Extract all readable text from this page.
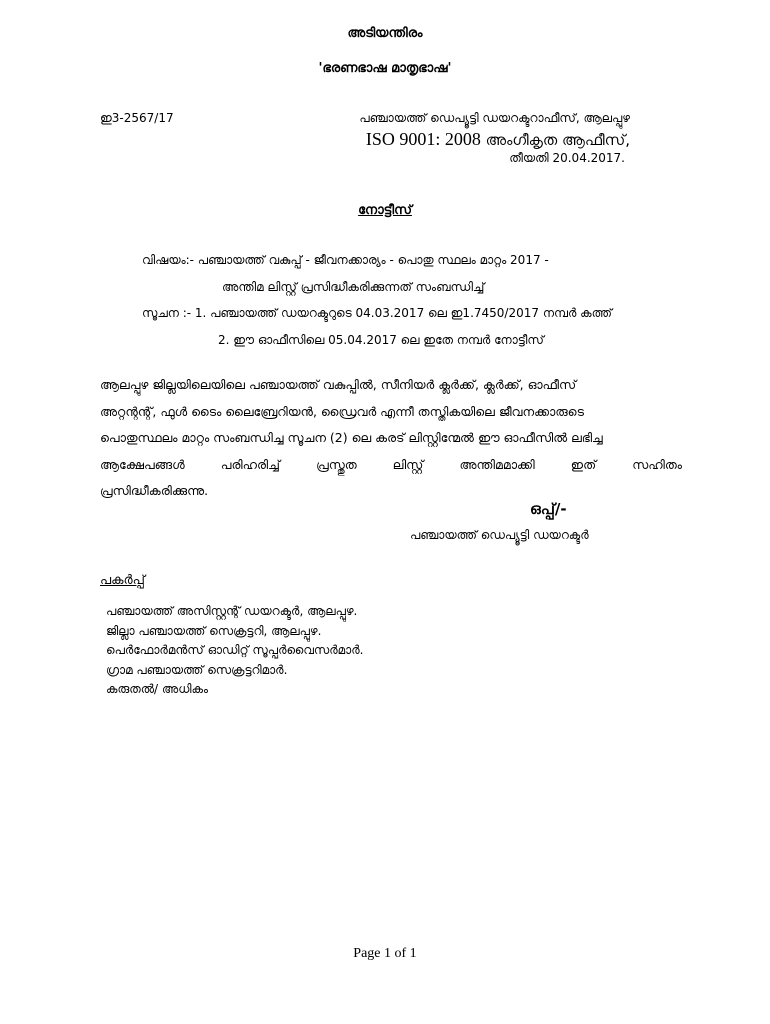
അടിയന്തിരം
'ഭരണഭാഷ മാതൃഭാഷ'
ഇ3-2567/17	പഞ്ചായത്ത് ഡെപ്യൂട്ടി ഡയറക്ടറാഫീസ്, ആലപ്പുഴ
ISO 9001: 2008 അംഗീകൃത ആഫീസ്,
തീയതി 20.04.2017.
നോട്ടീസ്
വിഷയം:- പഞ്ചായത്ത് വകുപ്പ് - ജീവനക്കാര്യം - പൊതു സ്ഥലം മാറ്റം 2017 -
അന്തിമ ലിസ്റ്റ് പ്രസിദ്ധീകരിക്കുന്നത് സംബന്ധിച്ച്
സൂചന :- 1. പഞ്ചായത്ത് ഡയറക്ടറുടെ 04.03.2017 ലെ ഇ1.7450/2017 നമ്പർ കത്ത്
2. ഈ ഓഫീസിലെ 05.04.2017 ലെ ഇതേ നമ്പർ നോട്ടീസ്
ആലപ്പുഴ ജില്ലയിലെയിലെ പഞ്ചായത്ത് വകുപ്പിൽ, സീനിയർ ക്ലർക്ക്, ക്ലർക്ക്, ഓഫീസ്
അറ്റന്റന്റ്, ഫുൾ ടൈം ലൈബ്രേറിയൻ, ഡ്രൈവർ എന്നീ തസ്തികയിലെ ജീവനക്കാരുടെ
പൊതുസ്ഥലം മാറ്റം സംബന്ധിച്ച സൂചന (2) ലെ കരട് ലിസ്റ്റിന്മേൽ ഈ ഓഫീസിൽ ലഭിച്ച
ആക്ഷേപങ്ങൾ പരിഹരിച്ച് പ്രസ്തുത ലിസ്റ്റ് അന്തിമമാക്കി ഇത് സഹിതം
പ്രസിദ്ധീകരിക്കുന്നു.
ഒപ്പ്/-
പഞ്ചായത്ത് ഡെപ്യൂട്ടി ഡയറക്ടർ
പകർപ്പ്
പഞ്ചായത്ത് അസിസ്റ്റന്റ് ഡയറക്ടർ, ആലപ്പുഴ.
ജില്ലാ പഞ്ചായത്ത് സെക്രട്ടറി, ആലപ്പുഴ.
പെർഫോർമൻസ് ഓഡിറ്റ് സൂപ്പർവൈസർമാർ.
ഗ്രാമ പഞ്ചായത്ത് സെക്രട്ടറിമാർ.
കരുതൽ/ അധികം
Page 1 of 1
